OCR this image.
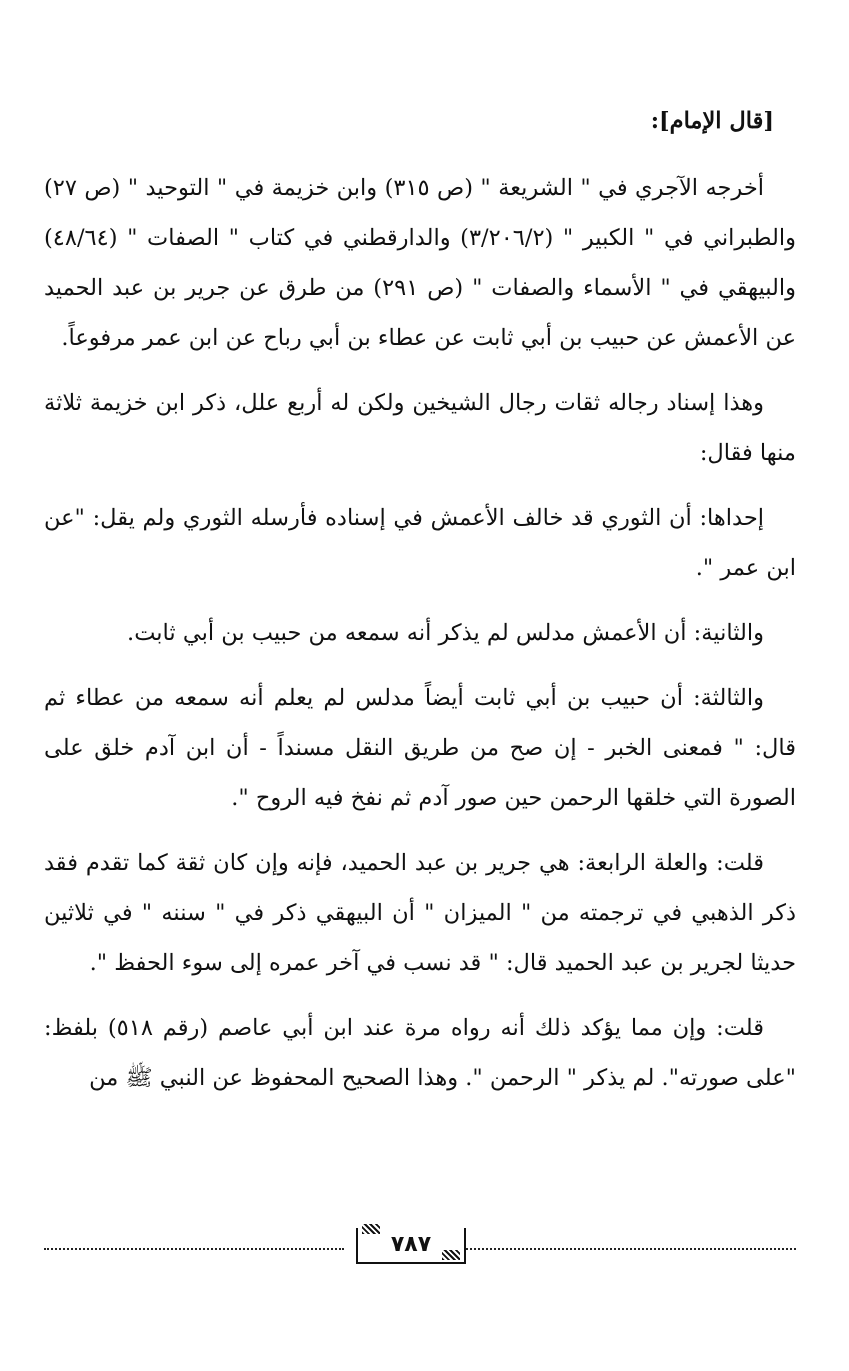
[قال الإمام]:

أخرجه الآجري في " الشريعة " (ص ٣١٥) وابن خزيمة في " التوحيد " (ص ٢٧) والطبراني في " الكبير " (٣/٢٠٦/٢) والدارقطني في كتاب " الصفات " (٤٨/٦٤) والبيهقي في " الأسماء والصفات " (ص ٢٩١) من طرق عن جرير بن عبد الحميد عن الأعمش عن حبيب بن أبي ثابت عن عطاء بن أبي رباح عن ابن عمر مرفوعاً.

وهذا إسناد رجاله ثقات رجال الشيخين ولكن له أربع علل، ذكر ابن خزيمة ثلاثة منها فقال:

إحداها: أن الثوري قد خالف الأعمش في إسناده فأرسله الثوري ولم يقل: "عن ابن عمر ".

والثانية: أن الأعمش مدلس لم يذكر أنه سمعه من حبيب بن أبي ثابت.

والثالثة: أن حبيب بن أبي ثابت أيضاً مدلس لم يعلم أنه سمعه من عطاء ثم قال: " فمعنى الخبر - إن صح من طريق النقل مسنداً - أن ابن آدم خلق على الصورة التي خلقها الرحمن حين صور آدم ثم نفخ فيه الروح ".

قلت: والعلة الرابعة: هي جرير بن عبد الحميد، فإنه وإن كان ثقة كما تقدم فقد ذكر الذهبي في ترجمته من " الميزان " أن البيهقي ذكر في " سننه " في ثلاثين حديثا لجرير بن عبد الحميد قال: " قد نسب في آخر عمره إلى سوء الحفظ ".

قلت: وإن مما يؤكد ذلك أنه رواه مرة عند ابن أبي عاصم (رقم ٥١٨) بلفظ: "على صورته". لم يذكر " الرحمن ". وهذا الصحيح المحفوظ عن النبي ﷺ من

٧٨٧
